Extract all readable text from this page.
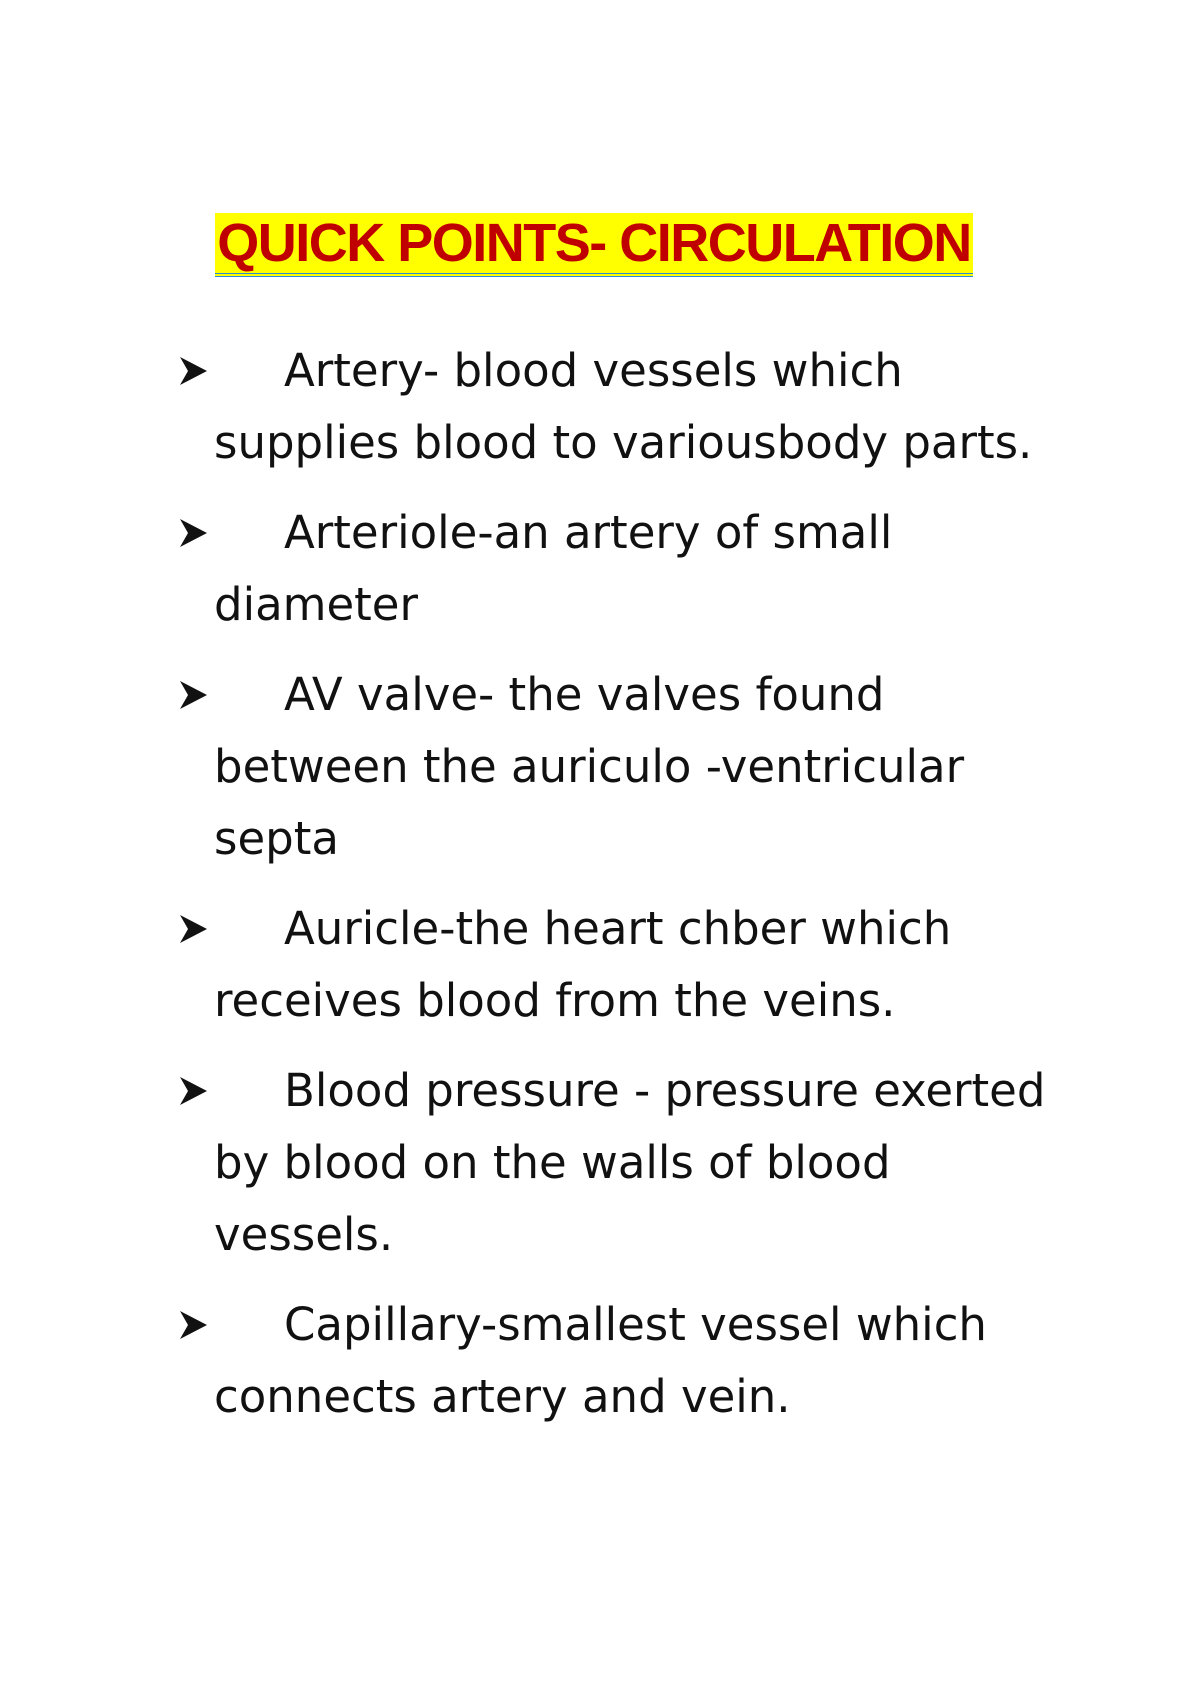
QUICK POINTS- CIRCULATION
Artery- blood vessels which supplies blood to variousbody parts.
Arteriole-an artery of small diameter
AV valve- the valves found between the auriculo -ventricular septa
Auricle-the heart chber which receives blood from the veins.
Blood pressure - pressure exerted by blood on the walls of blood vessels.
Capillary-smallest vessel which connects artery and vein.
